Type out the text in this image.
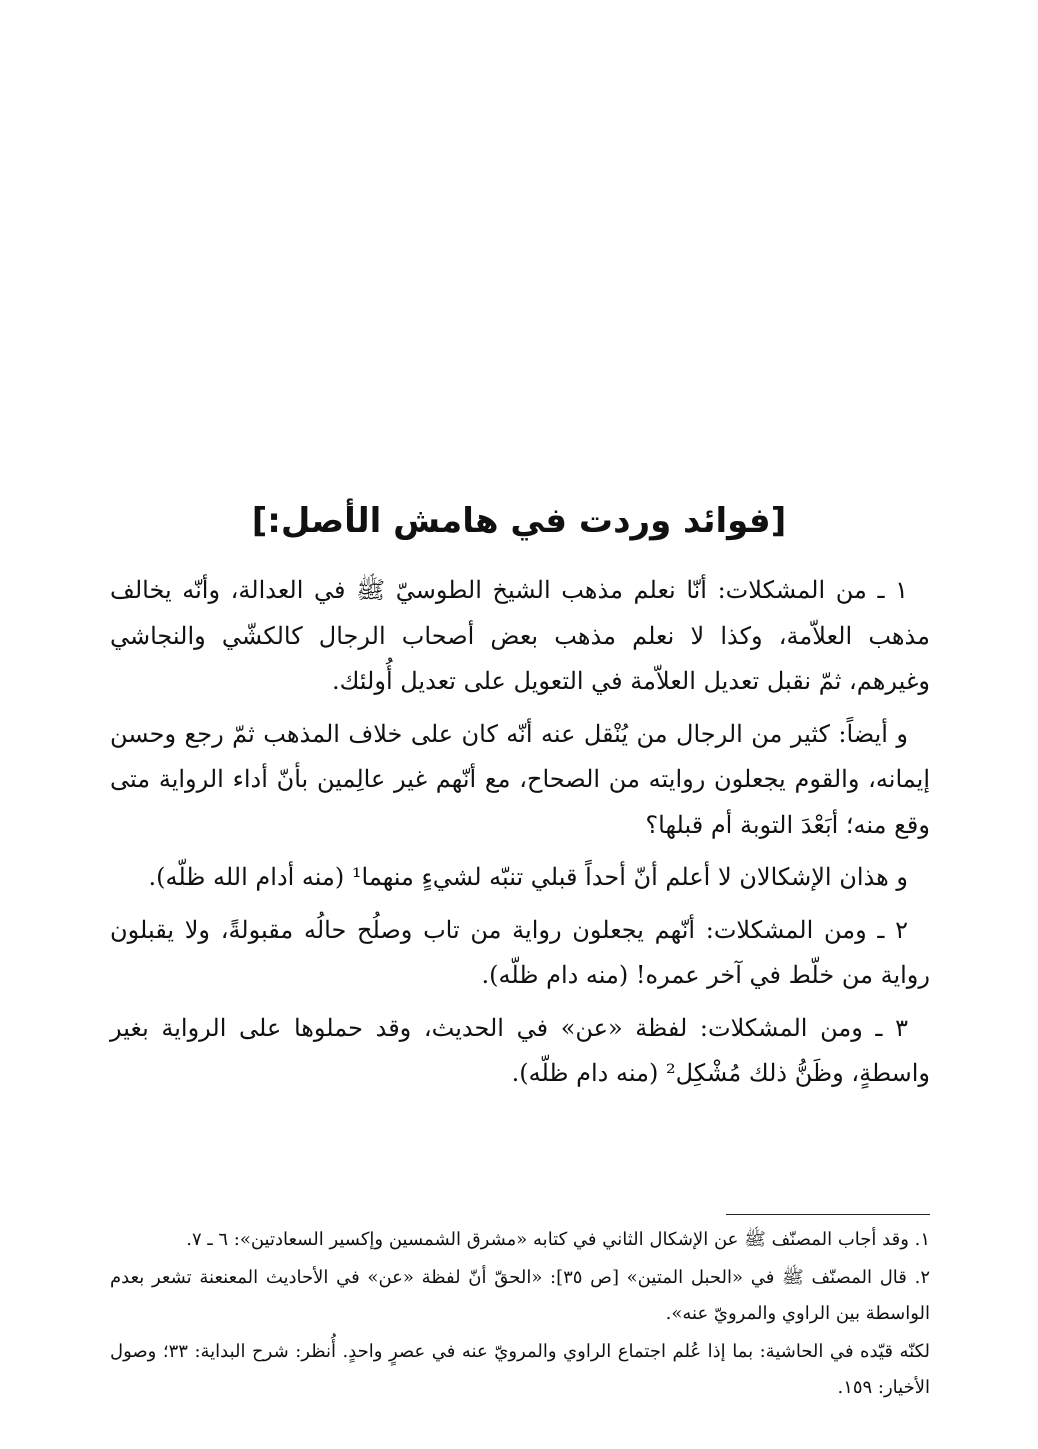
[فوائد وردت في هامش الأصل:]

١ ـ من المشكلات: أنّا نعلم مذهب الشيخ الطوسيّ ﷺ في العدالة، وأنّه يخالف مذهب العلاّمة، وكذا لا نعلم مذهب بعض أصحاب الرجال كالكشّي والنجاشي وغيرهم، ثمّ نقبل تعديل العلاّمة في التعويل على تعديل أُولئك.

و أيضاً: كثير من الرجال من يُنْقل عنه أنّه كان على خلاف المذهب ثمّ رجع وحسن إيمانه، والقوم يجعلون روايته من الصحاح، مع أنّهم غير عالِمين بأنّ أداء الرواية متى وقع منه؛ أبَعْدَ التوبة أم قبلها؟

و هذان الإشكالان لا أعلم أنّ أحداً قبلي تنبّه لشيءٍ منهما¹ (منه أدام الله ظلّه).

٢ ـ ومن المشكلات: أنّهم يجعلون رواية من تاب وصلُح حالُه مقبولةً، ولا يقبلون رواية من خلّط في آخر عمره! (منه دام ظلّه).

٣ ـ ومن المشكلات: لفظة «عن» في الحديث، وقد حملوها على الرواية بغير واسطةٍ، وظَنُّ ذلك مُشْكِل² (منه دام ظلّه).

١. وقد أجاب المصنّف ﷺ عن الإشكال الثاني في كتابه «مشرق الشمسين وإكسير السعادتين»: ٦ ـ ٧.

٢. قال المصنّف ﷺ في «الحبل المتين» [ص ٣٥]: «الحقّ أنّ لفظة «عن» في الأحاديث المعنعنة تشعر بعدم الواسطة بين الراوي والمرويّ عنه».

لكنّه قيّده في الحاشية: بما إذا عُلم اجتماع الراوي والمرويّ عنه في عصرٍ واحدٍ. أُنظر: شرح البداية: ٣٣؛ وصول الأخيار: ١٥٩.
